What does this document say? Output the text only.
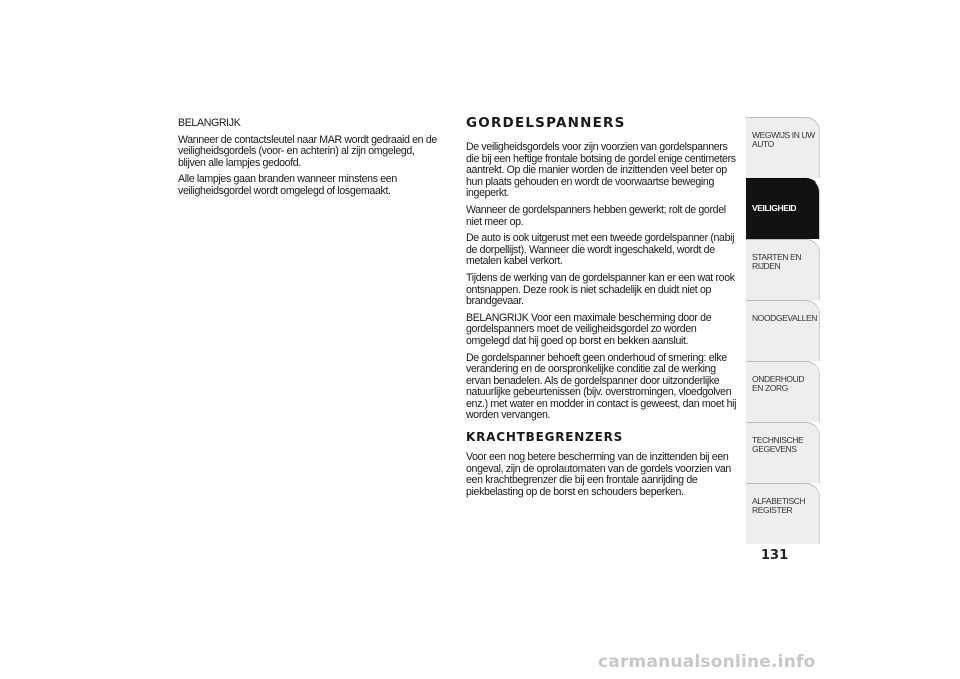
BELANGRIJK

Wanneer de contactsleutel naar MAR wordt gedraaid en de veiligheidsgordels (voor- en achterin) al zijn omgelegd, blijven alle lampjes gedoofd.

Alle lampjes gaan branden wanneer minstens een veiligheidsgordel wordt omgelegd of losgemaakt.

GORDELSPANNERS

De veiligheidsgordels voor zijn voorzien van gordelspanners die bij een heftige frontale botsing de gordel enige centimeters aantrekt. Op die manier worden de inzittenden veel beter op hun plaats gehouden en wordt de voorwaartse beweging ingeperkt.

Wanneer de gordelspanners hebben gewerkt; rolt de gordel niet meer op.

De auto is ook uitgerust met een tweede gordelspanner (nabij de dorpellijst). Wanneer die wordt ingeschakeld, wordt de metalen kabel verkort.

Tijdens de werking van de gordelspanner kan er een wat rook ontsnappen. Deze rook is niet schadelijk en duidt niet op brandgevaar.

BELANGRIJK Voor een maximale bescherming door de gordelspanners moet de veiligheidsgordel zo worden omgelegd dat hij goed op borst en bekken aansluit.

De gordelspanner behoeft geen onderhoud of smering: elke verandering en de oorspronkelijke conditie zal de werking ervan benadelen. Als de gordelspanner door uitzonderlijke natuurlijke gebeurtenissen (bijv. overstromingen, vloedgolven enz.) met water en modder in contact is geweest, dan moet hij worden vervangen.

KRACHTBEGRENZERS

Voor een nog betere bescherming van de inzittenden bij een ongeval, zijn de oprolautomaten van de gordels voorzien van een krachtbegrenzer die bij een frontale aanrijding de piekbelasting op de borst en schouders beperken.

WEGWIJS IN UW AUTO
VEILIGHEID
STARTEN EN RIJDEN
NOODGEVALLEN
ONDERHOUD EN ZORG
TECHNISCHE GEGEVENS
ALFABETISCH REGISTER
131
carmanualsonline.info
